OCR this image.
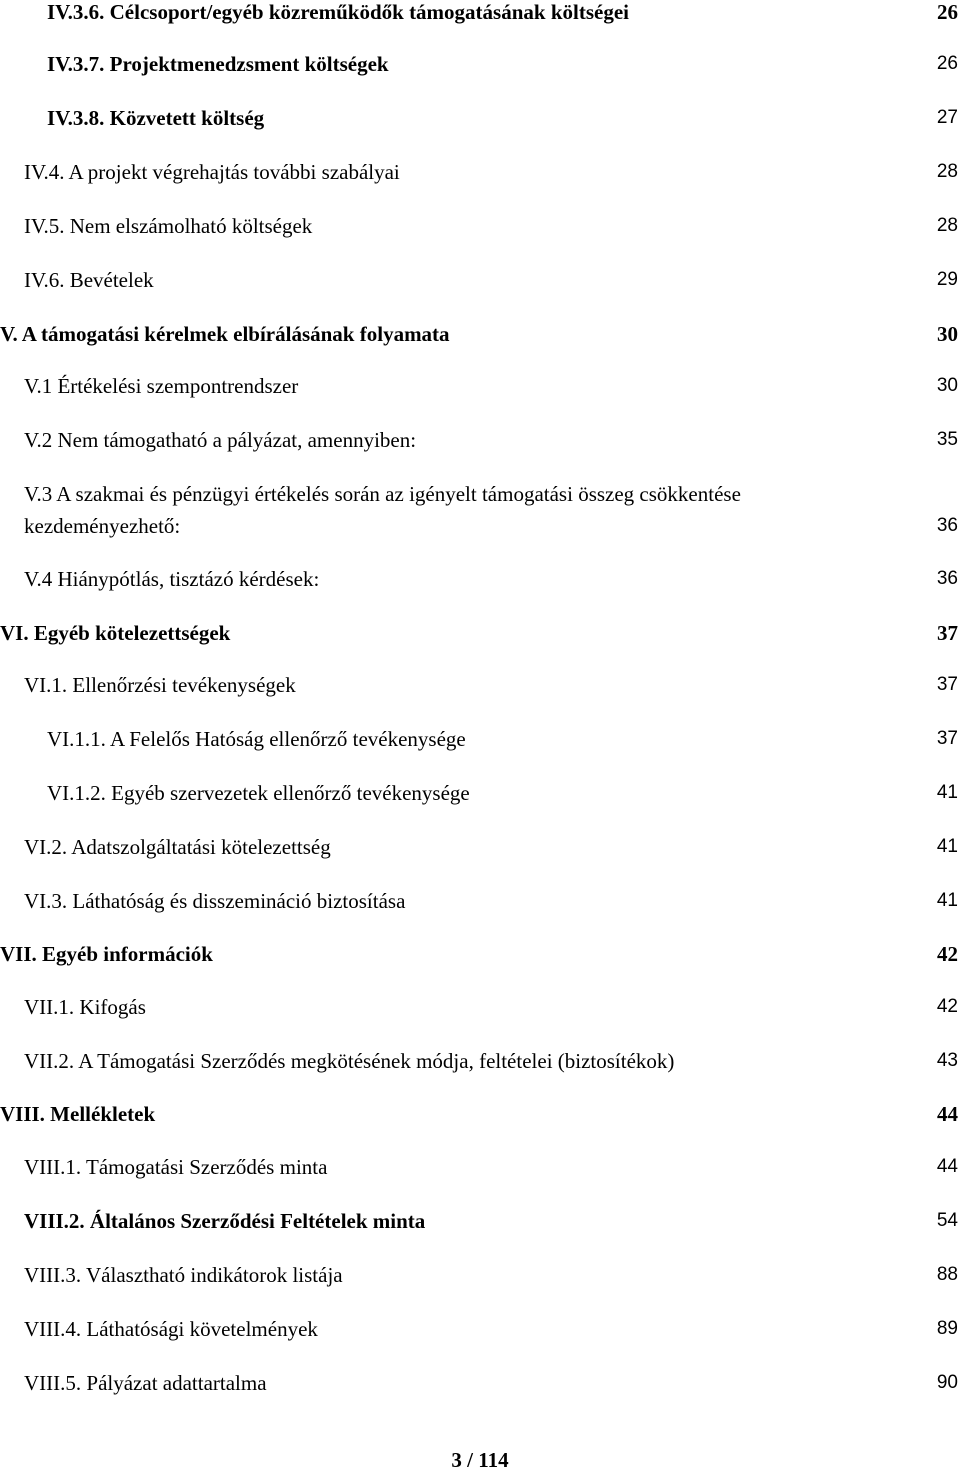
IV.3.6. Célcsoport/egyéb közreműködők támogatásának költségei	26
IV.3.7. Projektmenedzsment költségek	26
IV.3.8. Közvetett költség	27
IV.4. A projekt végrehajtás további szabályai	28
IV.5. Nem elszámolható költségek	28
IV.6. Bevételek	29
V. A támogatási kérelmek elbírálásának folyamata	30
V.1 Értékelési szempontrendszer	30
V.2 Nem támogatható a pályázat, amennyiben:	35
V.3 A szakmai és pénzügyi értékelés során az igényelt támogatási összeg csökkentése kezdeményezhető:	36
V.4 Hiánypótlás, tisztázó kérdések:	36
VI. Egyéb kötelezettségek	37
VI.1. Ellenőrzési tevékenységek	37
VI.1.1. A Felelős Hatóság ellenőrző tevékenysége	37
VI.1.2. Egyéb szervezetek ellenőrző tevékenysége	41
VI.2. Adatszolgáltatási kötelezettség	41
VI.3. Láthatóság és disszemináció biztosítása	41
VII. Egyéb információk	42
VII.1. Kifogás	42
VII.2. A Támogatási Szerződés megkötésének módja, feltételei (biztosítékok)	43
VIII. Mellékletek	44
VIII.1. Támogatási Szerződés minta	44
VIII.2. Általános Szerződési Feltételek minta	54
VIII.3. Választható indikátorok listája	88
VIII.4. Láthatósági követelmények	89
VIII.5. Pályázat adattartalma	90
3 / 114
